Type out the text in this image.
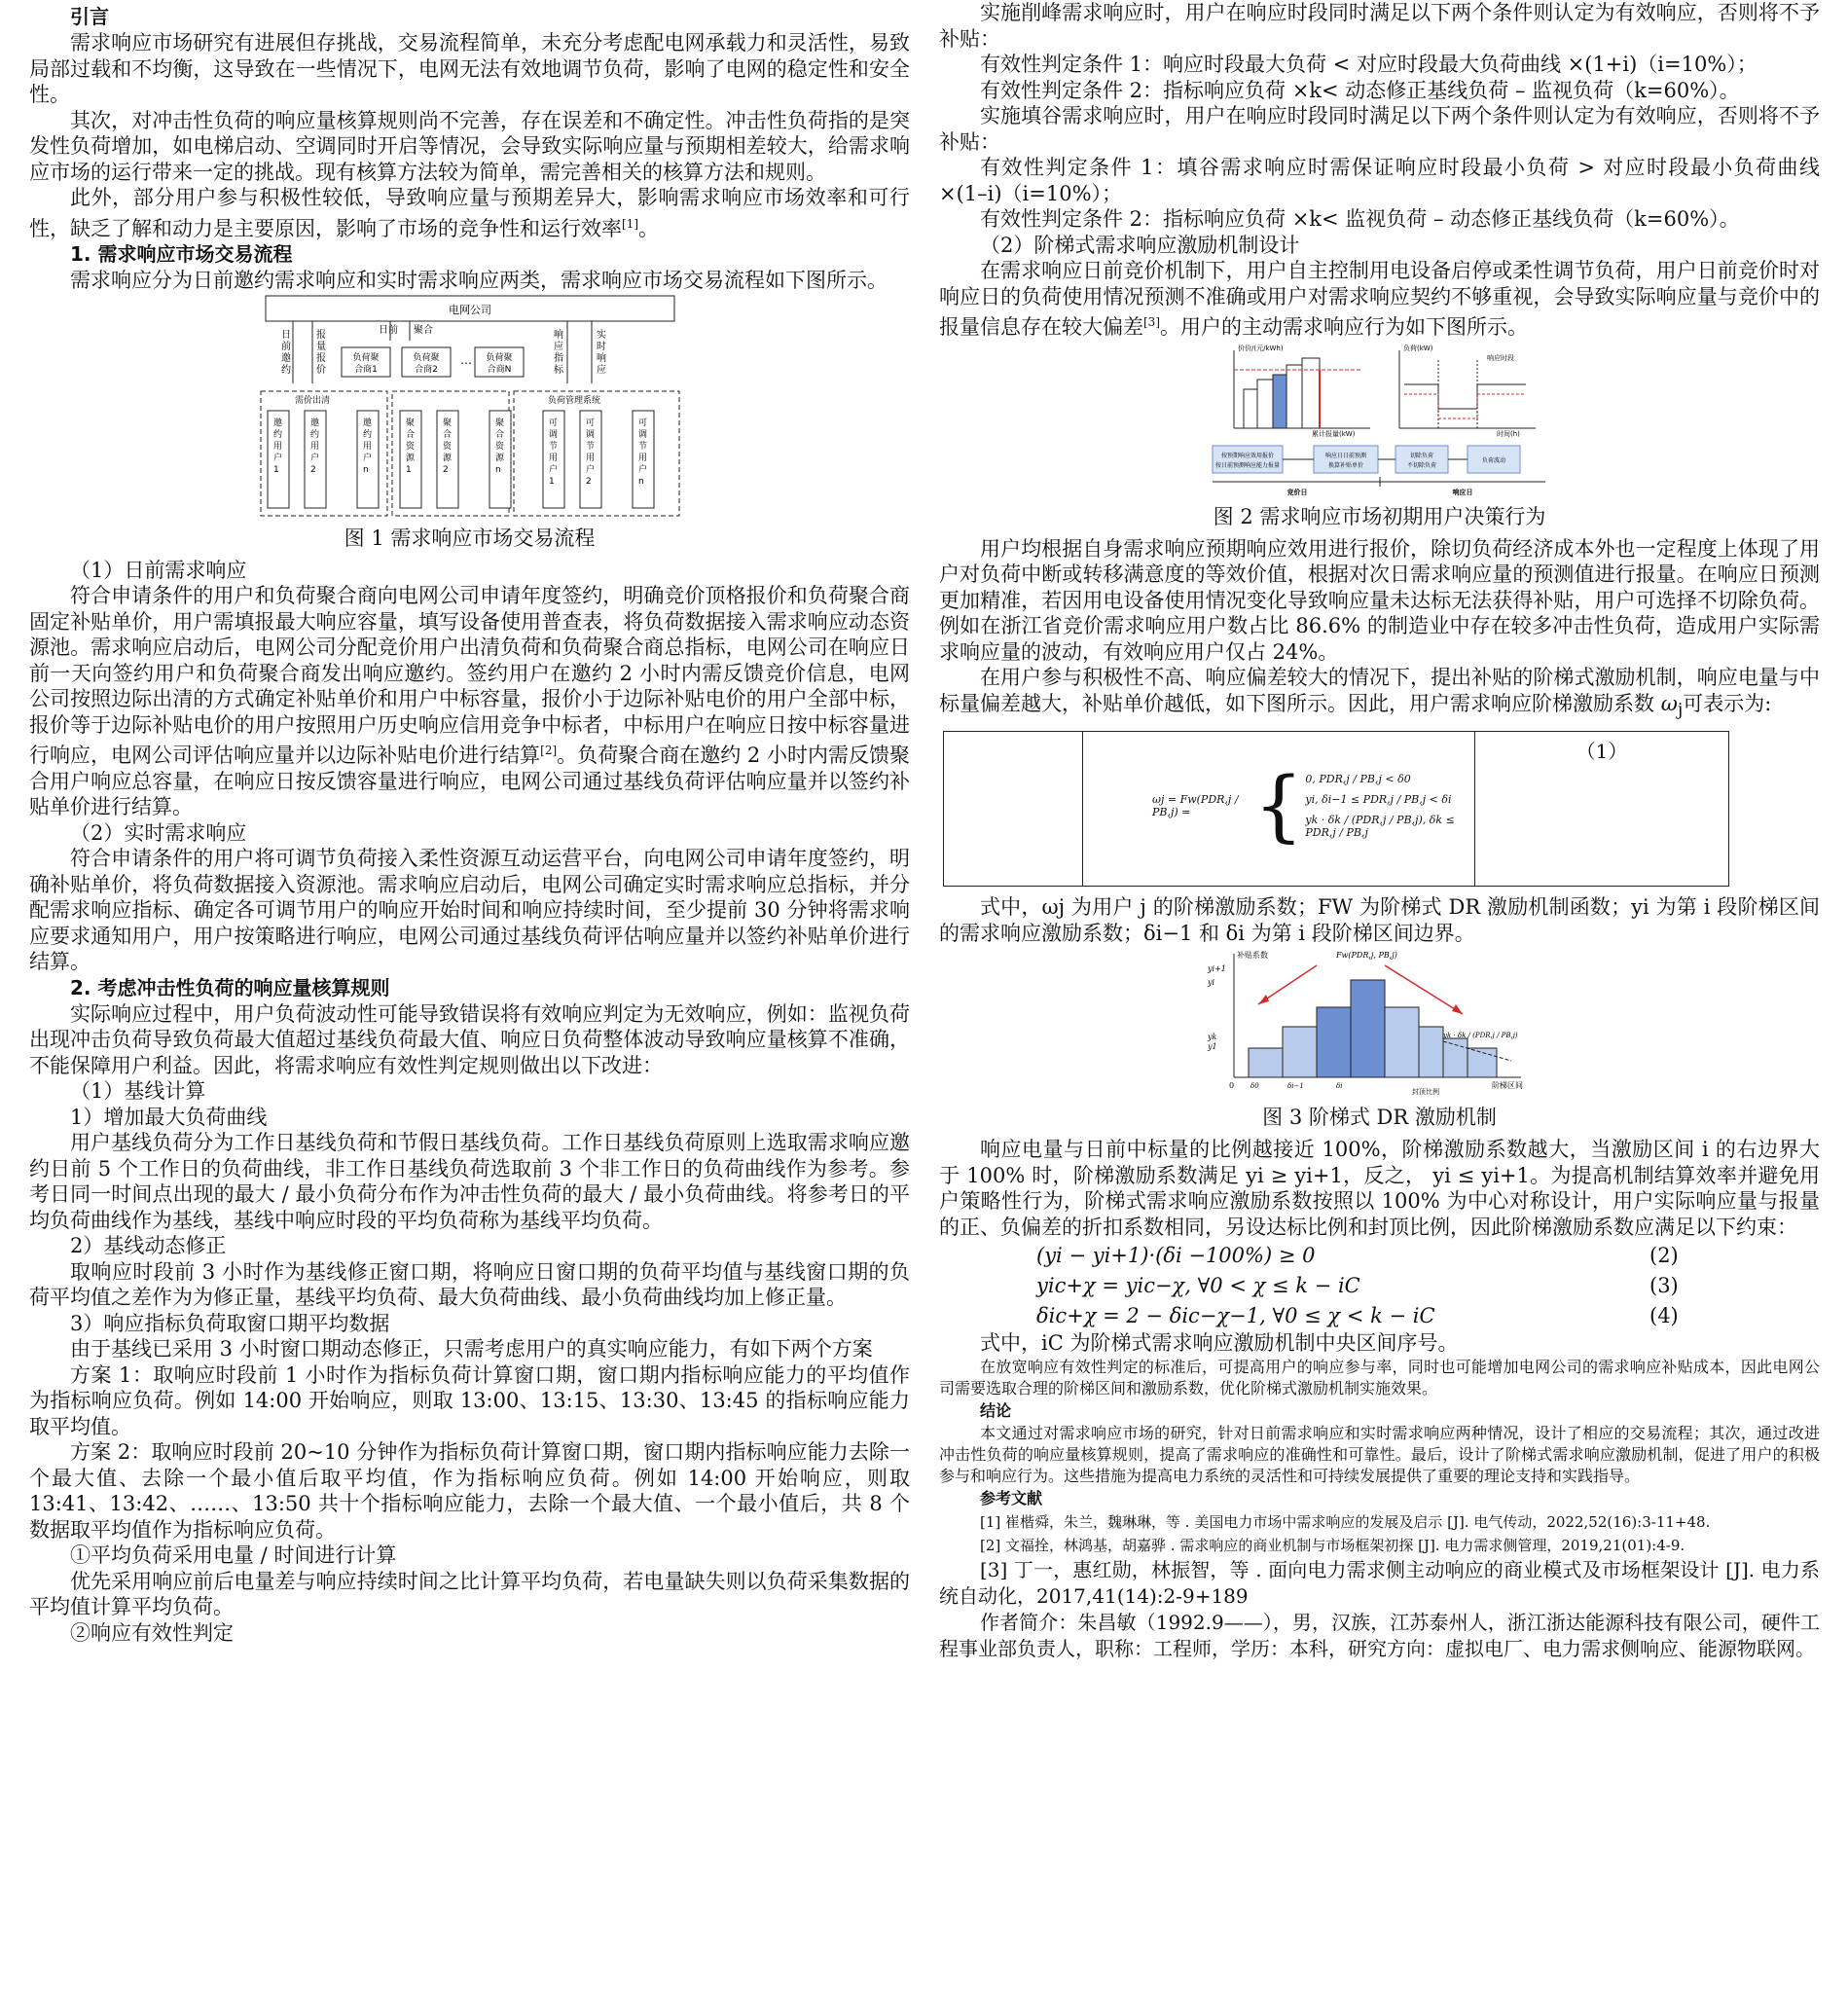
引言

需求响应市场研究有进展但存挑战，交易流程简单，未充分考虑配电网承载力和灵活性，易致局部过载和不均衡，这导致在一些情况下，电网无法有效地调节负荷，影响了电网的稳定性和安全性。

其次，对冲击性负荷的响应量核算规则尚不完善，存在误差和不确定性。冲击性负荷指的是突发性负荷增加，如电梯启动、空调同时开启等情况，会导致实际响应量与预期相差较大，给需求响应市场的运行带来一定的挑战。现有核算方法较为简单，需完善相关的核算方法和规则。

此外，部分用户参与积极性较低，导致响应量与预期差异大，影响需求响应市场效率和可行性，缺乏了解和动力是主要原因，影响了市场的竞争性和运行效率[1]。

1. 需求响应市场交易流程

需求响应分为日前邀约需求响应和实时需求响应两类，需求响应市场交易流程如下图所示。

电网公司
日前邀约
报量报价
日前 聚合	响应指标
实时响应
负荷聚
合商1
负荷聚
合商2
… 负荷聚
合商N
需价出清	负荷管理系统
邀约用户 1
邀约用户 2
邀约用户 n
聚合资源 1
聚合资源 2
聚合资源 n
可调节用户 1
可调节用户 2
可调节用户 n

图 1 需求响应市场交易流程

（1）日前需求响应

符合申请条件的用户和负荷聚合商向电网公司申请年度签约，明确竞价顶格报价和负荷聚合商固定补贴单价，用户需填报最大响应容量，填写设备使用普查表，将负荷数据接入需求响应动态资源池。需求响应启动后，电网公司分配竞价用户出清负荷和负荷聚合商总指标，电网公司在响应日前一天向签约用户和负荷聚合商发出响应邀约。签约用户在邀约 2 小时内需反馈竞价信息，电网公司按照边际出清的方式确定补贴单价和用户中标容量，报价小于边际补贴电价的用户全部中标，报价等于边际补贴电价的用户按照用户历史响应信用竞争中标者，中标用户在响应日按中标容量进行响应，电网公司评估响应量并以边际补贴电价进行结算[2]。负荷聚合商在邀约 2 小时内需反馈聚合用户响应总容量，在响应日按反馈容量进行响应，电网公司通过基线负荷评估响应量并以签约补贴单价进行结算。

（2）实时需求响应

符合申请条件的用户将可调节负荷接入柔性资源互动运营平台，向电网公司申请年度签约，明确补贴单价，将负荷数据接入资源池。需求响应启动后，电网公司确定实时需求响应总指标，并分配需求响应指标、确定各可调节用户的响应开始时间和响应持续时间，至少提前 30 分钟将需求响应要求通知用户，用户按策略进行响应，电网公司通过基线负荷评估响应量并以签约补贴单价进行结算。

2. 考虑冲击性负荷的响应量核算规则

实际响应过程中，用户负荷波动性可能导致错误将有效响应判定为无效响应，例如：监视负荷出现冲击负荷导致负荷最大值超过基线负荷最大值、响应日负荷整体波动导致响应量核算不准确，不能保障用户利益。因此，将需求响应有效性判定规则做出以下改进：

（1）基线计算

1）增加最大负荷曲线

用户基线负荷分为工作日基线负荷和节假日基线负荷。工作日基线负荷原则上选取需求响应邀约日前 5 个工作日的负荷曲线，非工作日基线负荷选取前 3 个非工作日的负荷曲线作为参考。参考日同一时间点出现的最大 / 最小负荷分布作为冲击性负荷的最大 / 最小负荷曲线。将参考日的平均负荷曲线作为基线，基线中响应时段的平均负荷称为基线平均负荷。

2）基线动态修正

取响应时段前 3 小时作为基线修正窗口期，将响应日窗口期的负荷平均值与基线窗口期的负荷平均值之差作为为修正量，基线平均负荷、最大负荷曲线、最小负荷曲线均加上修正量。

3）响应指标负荷取窗口期平均数据

由于基线已采用 3 小时窗口期动态修正，只需考虑用户的真实响应能力，有如下两个方案

方案 1：取响应时段前 1 小时作为指标负荷计算窗口期，窗口期内指标响应能力的平均值作为指标响应负荷。例如 14:00 开始响应，则取 13:00、13:15、13:30、13:45 的指标响应能力取平均值。

方案 2：取响应时段前 20~10 分钟作为指标负荷计算窗口期，窗口期内指标响应能力去除一个最大值、去除一个最小值后取平均值，作为指标响应负荷。例如 14:00 开始响应，则取 13:41、13:42、……、13:50 共十个指标响应能力，去除一个最大值、一个最小值后，共 8 个数据取平均值作为指标响应负荷。

①平均负荷采用电量 / 时间进行计算

优先采用响应前后电量差与响应持续时间之比计算平均负荷，若电量缺失则以负荷采集数据的平均值计算平均负荷。

②响应有效性判定

实施削峰需求响应时，用户在响应时段同时满足以下两个条件则认定为有效响应，否则将不予补贴：

有效性判定条件 1：响应时段最大负荷 < 对应时段最大负荷曲线 ×(1+i)（i=10%）；

有效性判定条件 2：指标响应负荷 ×k< 动态修正基线负荷 – 监视负荷（k=60%）。

实施填谷需求响应时，用户在响应时段同时满足以下两个条件则认定为有效响应，否则将不予补贴：

有效性判定条件 1：填谷需求响应时需保证响应时段最小负荷 > 对应时段最小负荷曲线 ×(1–i)（i=10%）；

有效性判定条件 2：指标响应负荷 ×k< 监视负荷 – 动态修正基线负荷（k=60%）。

（2）阶梯式需求响应激励机制设计

在需求响应日前竞价机制下，用户自主控制用电设备启停或柔性调节负荷，用户日前竞价时对响应日的负荷使用情况预测不准确或用户对需求响应契约不够重视，会导致实际响应量与竞价中的报量信息存在较大偏差[3]。用户的主动需求响应行为如下图所示。

价价/(元/kWh)
累计报量(kW)
负荷(kW)
时间(h)
响应时段
按预期响应效用报价
按日前预测响应能力报量
响应日日前预测
换算补贴单价
切除负荷
不切除负荷
负荷波动
竞价日	响应日

图 2 需求响应市场初期用户决策行为

用户均根据自身需求响应预期响应效用进行报价，除切负荷经济成本外也一定程度上体现了用户对负荷中断或转移满意度的等效价值，根据对次日需求响应量的预测值进行报量。在响应日预测更加精准，若因用电设备使用情况变化导致响应量未达标无法获得补贴，用户可选择不切除负荷。例如在浙江省竞价需求响应用户数占比 86.6% 的制造业中存在较多冲击性负荷，造成用户实际需求响应量的波动，有效响应用户仅占 24%。

在用户参与积极性不高、响应偏差较大的情况下，提出补贴的阶梯式激励机制，响应电量与中标量偏差越大，补贴单价越低，如下图所示。因此，用户需求响应阶梯激励系数 $\omega_j$可表示为:

ωj = Fw(PDR,j / PB,j) = { 0, PDR,j / PB,j < δ0
yi, δi−1 ≤ PDR,j / PB,j < δi
yk · δk / (PDR,j / PB,j), δk ≤ PDR,j / PB,j
	（1）

式中，ωj 为用户 j 的阶梯激励系数；FW 为阶梯式 DR 激励机制函数；yi 为第 i 段阶梯区间的需求响应激励系数；δi−1 和 δi 为第 i 段阶梯区间边界。

补贴系数
阶梯区间
Fw(PDR,j, PB,j)
yi+1
yi
yk
y1
yk · δk / (PDR,j / PB,j)
0 δ0	δi−1	δi
封顶比例

图 3 阶梯式 DR 激励机制

响应电量与日前中标量的比例越接近 100%，阶梯激励系数越大，当激励区间 i 的右边界大于 100% 时，阶梯激励系数满足 yi ≥ yi+1，反之， yi ≤ yi+1。为提高机制结算效率并避免用户策略性行为，阶梯式需求响应激励系数按照以 100% 为中心对称设计，用户实际响应量与报量的正、负偏差的折扣系数相同，另设达标比例和封顶比例，因此阶梯激励系数应满足以下约束：

(yi − yi+1)·(δi −100%) ≥ 0	(2)
yic+χ = yic−χ, ∀0 < χ ≤ k − iC	(3)
δic+χ = 2 − δic−χ−1, ∀0 ≤ χ < k − iC	(4)

式中，iC 为阶梯式需求响应激励机制中央区间序号。

在放宽响应有效性判定的标准后，可提高用户的响应参与率，同时也可能增加电网公司的需求响应补贴成本，因此电网公司需要选取合理的阶梯区间和激励系数，优化阶梯式激励机制实施效果。

结论

本文通过对需求响应市场的研究，针对日前需求响应和实时需求响应两种情况，设计了相应的交易流程；其次，通过改进冲击性负荷的响应量核算规则，提高了需求响应的准确性和可靠性。最后，设计了阶梯式需求响应激励机制，促进了用户的积极参与和响应行为。这些措施为提高电力系统的灵活性和可持续发展提供了重要的理论支持和实践指导。

参考文献

[1] 崔楷舜，朱兰，魏琳琳，等 . 美国电力市场中需求响应的发展及启示 [J]. 电气传动，2022,52(16):3-11+48.

[2] 文福拴，林鸿基，胡嘉骅 . 需求响应的商业机制与市场框架初探 [J]. 电力需求侧管理，2019,21(01):4-9.

[3] 丁一，惠红勋，林振智，等 . 面向电力需求侧主动响应的商业模式及市场框架设计 [J]. 电力系统自动化，2017,41(14):2-9+189

作者简介：朱昌敏（1992.9——），男，汉族，江苏泰州人，浙江浙达能源科技有限公司，硬件工程事业部负责人，职称：工程师，学历：本科，研究方向：虚拟电厂、电力需求侧响应、能源物联网。
